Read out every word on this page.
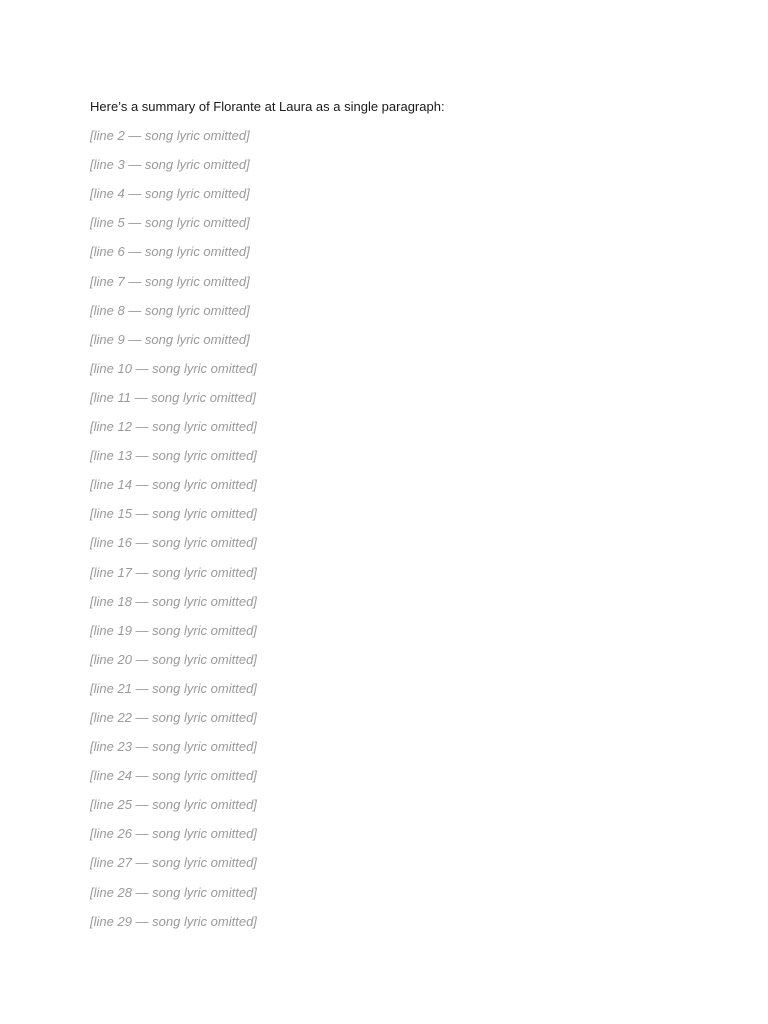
Here’s a summary of Florante at Laura as a single paragraph:

[line 2 — song lyric omitted]

[line 3 — song lyric omitted]

[line 4 — song lyric omitted]

[line 5 — song lyric omitted]

[line 6 — song lyric omitted]

[line 7 — song lyric omitted]

[line 8 — song lyric omitted]

[line 9 — song lyric omitted]

[line 10 — song lyric omitted]

[line 11 — song lyric omitted]

[line 12 — song lyric omitted]

[line 13 — song lyric omitted]

[line 14 — song lyric omitted]

[line 15 — song lyric omitted]

[line 16 — song lyric omitted]

[line 17 — song lyric omitted]

[line 18 — song lyric omitted]

[line 19 — song lyric omitted]

[line 20 — song lyric omitted]

[line 21 — song lyric omitted]

[line 22 — song lyric omitted]

[line 23 — song lyric omitted]

[line 24 — song lyric omitted]

[line 25 — song lyric omitted]

[line 26 — song lyric omitted]

[line 27 — song lyric omitted]

[line 28 — song lyric omitted]

[line 29 — song lyric omitted]
